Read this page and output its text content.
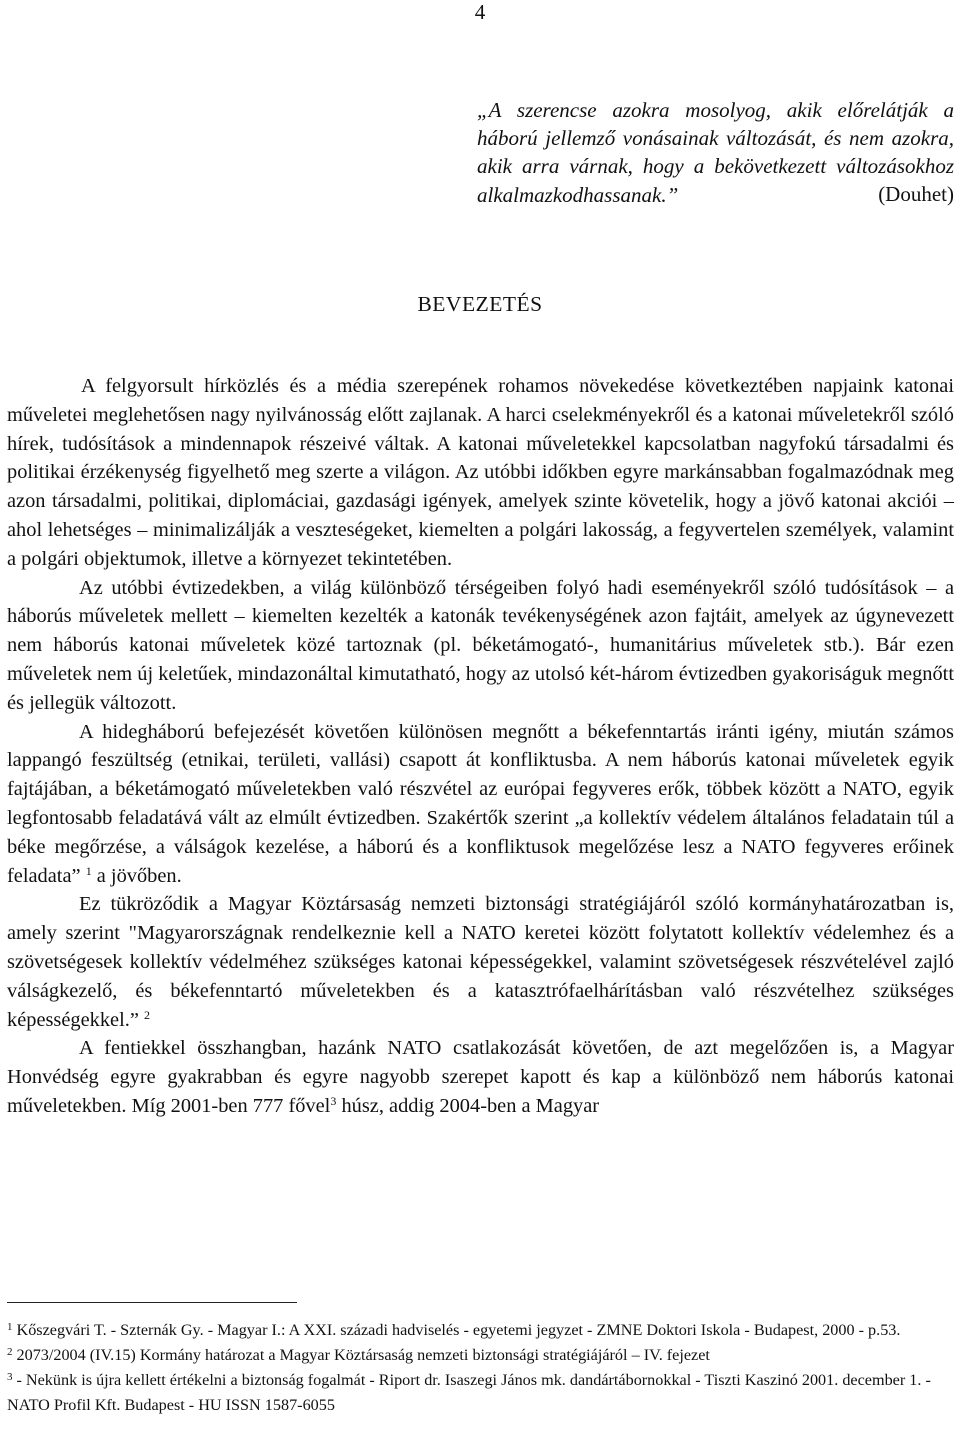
4
„A szerencse azokra mosolyog, akik előrelátják a háború jellemző vonásainak változását, és nem azokra, akik arra várnak, hogy a bekövetkezett változásokhoz alkalmazkodhassanak.”	(Douhet)
BEVEZETÉS

A felgyorsult hírközlés és a média szerepének rohamos növekedése következtében napjaink katonai műveletei meglehetősen nagy nyilvánosság előtt zajlanak. A harci cselekményekről és a katonai műveletekről szóló hírek, tudósítások a mindennapok részeivé váltak. A katonai műveletekkel kapcsolatban nagyfokú társadalmi és politikai érzékenység figyelhető meg szerte a világon. Az utóbbi időkben egyre markánsabban fogalmazódnak meg azon társadalmi, politikai, diplomáciai, gazdasági igények, amelyek szinte követelik, hogy a jövő katonai akciói – ahol lehetséges – minimalizálják a veszteségeket, kiemelten a polgári lakosság, a fegyvertelen személyek, valamint a polgári objektumok, illetve a környezet tekintetében.

Az utóbbi évtizedekben, a világ különböző térségeiben folyó hadi eseményekről szóló tudósítások – a háborús műveletek mellett – kiemelten kezelték a katonák tevékenységének azon fajtáit, amelyek az úgynevezett nem háborús katonai műveletek közé tartoznak (pl. béketámogató-, humanitárius műveletek stb.). Bár ezen műveletek nem új keletűek, mindazonáltal kimutatható, hogy az utolsó két-három évtizedben gyakoriságuk megnőtt és jellegük változott.

A hidegháború befejezését követően különösen megnőtt a békefenntartás iránti igény, miután számos lappangó feszültség (etnikai, területi, vallási) csapott át konfliktusba. A nem háborús katonai műveletek egyik fajtájában, a béketámogató műveletekben való részvétel az európai fegyveres erők, többek között a NATO, egyik legfontosabb feladatává vált az elmúlt évtizedben. Szakértők szerint „a kollektív védelem általános feladatain túl a béke megőrzése, a válságok kezelése, a háború és a konfliktusok megelőzése lesz a NATO fegyveres erőinek feladata” $^1$ a jövőben.

Ez tükröződik a Magyar Köztársaság nemzeti biztonsági stratégiájáról szóló kormányhatározatban is, amely szerint "Magyarországnak rendelkeznie kell a NATO keretei között folytatott kollektív védelemhez és a szövetségesek kollektív védelméhez szükséges katonai képességekkel, valamint szövetségesek részvételével zajló válságkezelő, és békefenntartó műveletekben és a katasztrófaelhárításban való részvételhez szükséges képességekkel.” $^2$

A fentiekkel összhangban, hazánk NATO csatlakozását követően, de azt megelőzően is, a Magyar Honvédség egyre gyakrabban és egyre nagyobb szerepet kapott és kap a különböző nem háborús katonai műveletekben. Míg 2001-ben 777 fővel$^3$ húsz, addig 2004-ben a Magyar

$^1$ Kőszegvári T. - Szternák Gy. - Magyar I.: A XXI. századi hadviselés - egyetemi jegyzet - ZMNE Doktori Iskola - Budapest, 2000 - p.53.

$^2$ 2073/2004 (IV.15) Kormány határozat a Magyar Köztársaság nemzeti biztonsági stratégiájáról – IV. fejezet

$^3$ - Nekünk is újra kellett értékelni a biztonság fogalmát - Riport dr. Isaszegi János mk. dandártábornokkal - Tiszti Kaszinó 2001. december 1. - NATO Profil Kft. Budapest - HU ISSN 1587-6055
